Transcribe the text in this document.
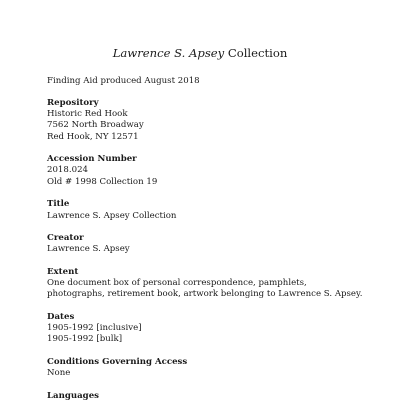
Lawrence S. Apsey Collection

Finding Aid produced August 2018

Repository

Historic Red Hook

7562 North Broadway

Red Hook, NY 12571

Accession Number

2018.024

Old # 1998 Collection 19

Title

Lawrence S. Apsey Collection

Creator

Lawrence S. Apsey

Extent

One document box of personal correspondence, pamphlets, photographs, retirement book, artwork belonging to Lawrence S. Apsey.

Dates

1905-1992 [inclusive]

1905-1992 [bulk]

Conditions Governing Access

None

Languages
